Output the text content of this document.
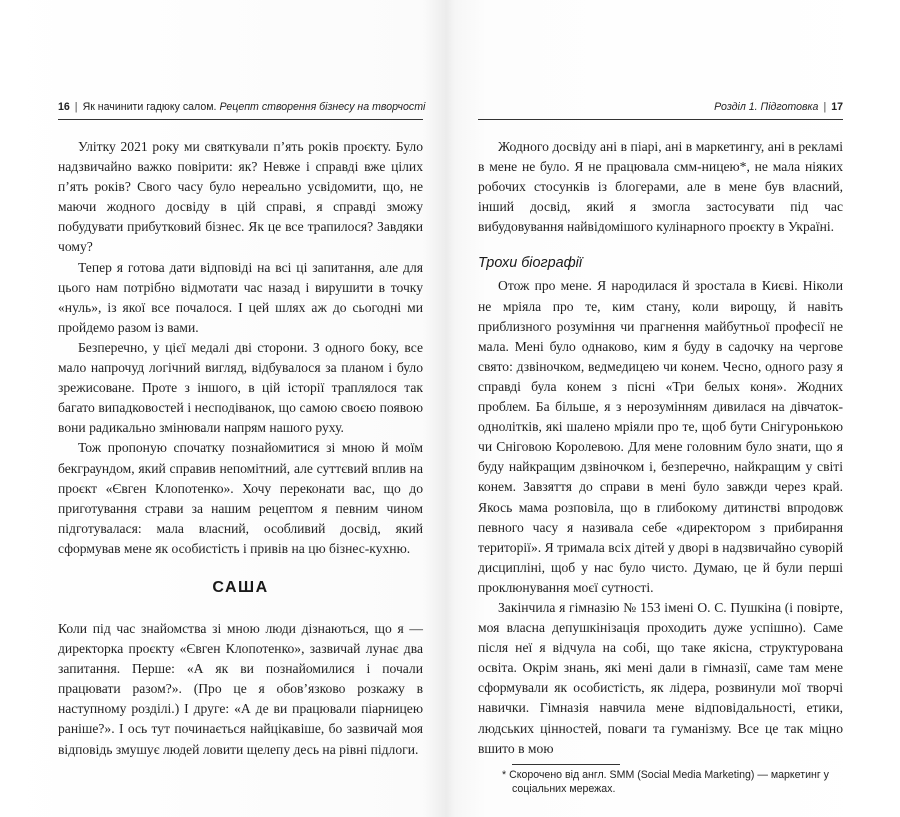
16 | Як начинити гадюку салом. Рецепт створення бізнесу на творчості

Улітку 2021 року ми святкували п’ять років проєкту. Було надзвичайно важко повірити: як? Невже і справді вже цілих п’ять років? Свого часу було нереально усвідомити, що, не маючи жодного досвіду в цій справі, я справді зможу побудувати прибутковий бізнес. Як це все трапилося? Завдяки чому?

Тепер я готова дати відповіді на всі ці запитання, але для цього нам потрібно відмотати час назад і вирушити в точку «нуль», із якої все почалося. І цей шлях аж до сьогодні ми пройдемо разом із вами.

Безперечно, у цієї медалі дві сторони. З одного боку, все мало напрочуд логічний вигляд, відбувалося за планом і було зрежисоване. Проте з іншого, в цій історії траплялося так багато випадковостей і несподіванок, що самою своєю появою вони радикально змінювали напрям нашого руху.

Тож пропоную спочатку познайомитися зі мною й моїм бекграундом, який справив непомітний, але суттєвий вплив на проєкт «Євген Клопотенко». Хочу переконати вас, що до приготування страви за нашим рецептом я певним чином підготувалася: мала власний, особливий досвід, який сформував мене як особистість і привів на цю бізнес-кухню.

САША

Коли під час знайомства зі мною люди дізнаються, що я — директорка проєкту «Євген Клопотенко», зазвичай лунає два запитання. Перше: «А як ви познайомилися і почали працювати разом?». (Про це я обов’язково розкажу в наступному розділі.) І друге: «А де ви працювали піарницею раніше?». І ось тут починається найцікавіше, бо зазвичай моя відповідь змушує людей ловити щелепу десь на рівні підлоги.

Розділ 1. Підготовка | 17

Жодного досвіду ані в піарі, ані в маркетингу, ані в рекламі в мене не було. Я не працювала смм-ницею*, не мала ніяких робочих стосунків із блогерами, але в мене був власний, інший досвід, який я змогла застосувати під час вибудовування найвідомішого кулінарного проєкту в Україні.

Трохи біографії

Отож про мене. Я народилася й зростала в Києві. Ніколи не мріяла про те, ким стану, коли вирощу, й навіть приблизного розуміння чи прагнення майбутньої професії не мала. Мені було однаково, ким я буду в садочку на чергове свято: дзвіночком, ведмедицею чи конем. Чесно, одного разу я справді була конем з пісні «Три белых коня». Жодних проблем. Ба більше, я з нерозумінням дивилася на дівчаток-однолітків, які шалено мріяли про те, щоб бути Снігуронькою чи Сніговою Королевою. Для мене головним було знати, що я буду найкращим дзвіночком і, безперечно, найкращим у світі конем. Завзяття до справи в мені було завжди через край. Якось мама розповіла, що в глибокому дитинстві впродовж певного часу я називала себе «директором з прибирання території». Я тримала всіх дітей у дворі в надзвичайно суворій дисципліні, щоб у нас було чисто. Думаю, це й були перші проклюнування моєї сутності.

Закінчила я гімназію № 153 імені О. С. Пушкіна (і повірте, моя власна депушкінізація проходить дуже успішно). Саме після неї я відчула на собі, що таке якісна, структурована освіта. Окрім знань, які мені дали в гімназії, саме там мене сформували як особистість, як лідера, розвинули мої творчі навички. Гімназія навчила мене відповідальності, етики, людських цінностей, поваги та гуманізму. Все це так міцно вшито в мою

* Скорочено від англ. SMM (Social Media Marketing) — маркетинг у соціальних мережах.
